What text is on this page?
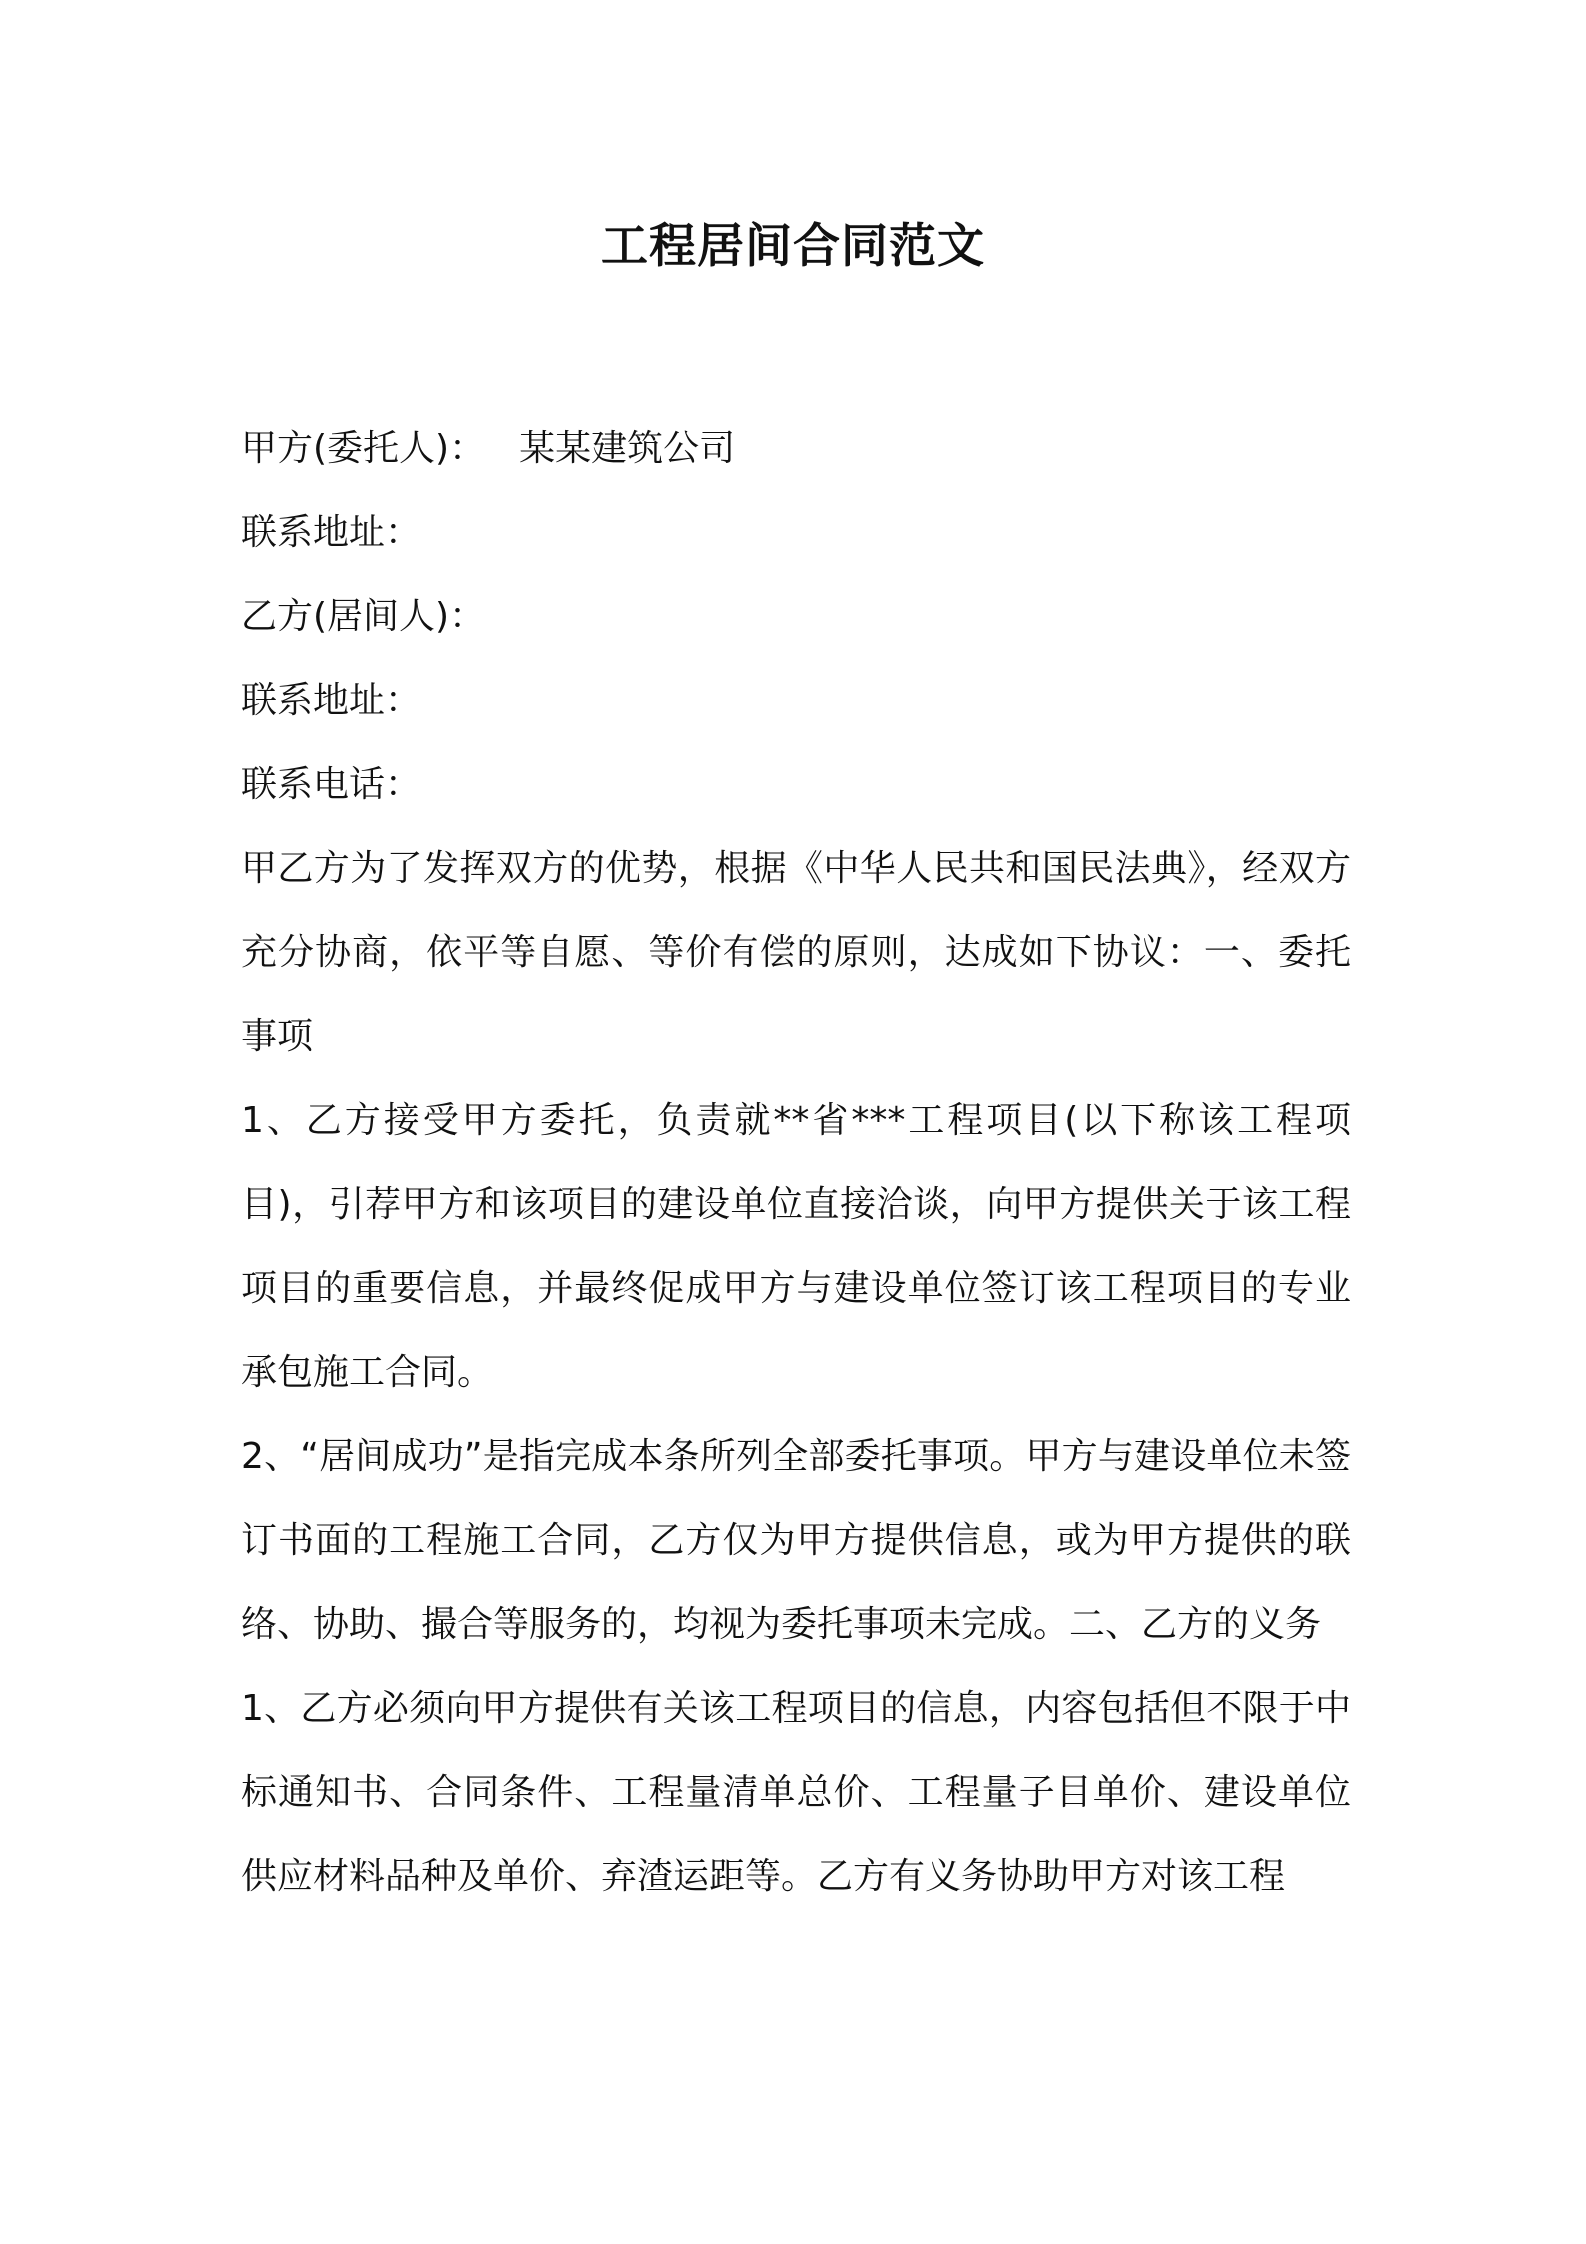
工程居间合同范文
甲方(委托人)： 某某建筑公司
联系地址：
乙方(居间人)：
联系地址：
联系电话：

甲乙方为了发挥双方的优势，根据《中华人民共和国民法典》，经双方充分协商，依平等自愿、等价有偿的原则，达成如下协议：一、委托事项

1、乙方接受甲方委托，负责就**省***工程项目(以下称该工程项目)，引荐甲方和该项目的建设单位直接洽谈，向甲方提供关于该工程项目的重要信息，并最终促成甲方与建设单位签订该工程项目的专业承包施工合同。

2、“居间成功”是指完成本条所列全部委托事项。甲方与建设单位未签订书面的工程施工合同，乙方仅为甲方提供信息，或为甲方提供的联络、协助、撮合等服务的，均视为委托事项未完成。二、乙方的义务

1、乙方必须向甲方提供有关该工程项目的信息，内容包括但不限于中标通知书、合同条件、工程量清单总价、工程量子目单价、建设单位供应材料品种及单价、弃渣运距等。乙方有义务协助甲方对该工程
